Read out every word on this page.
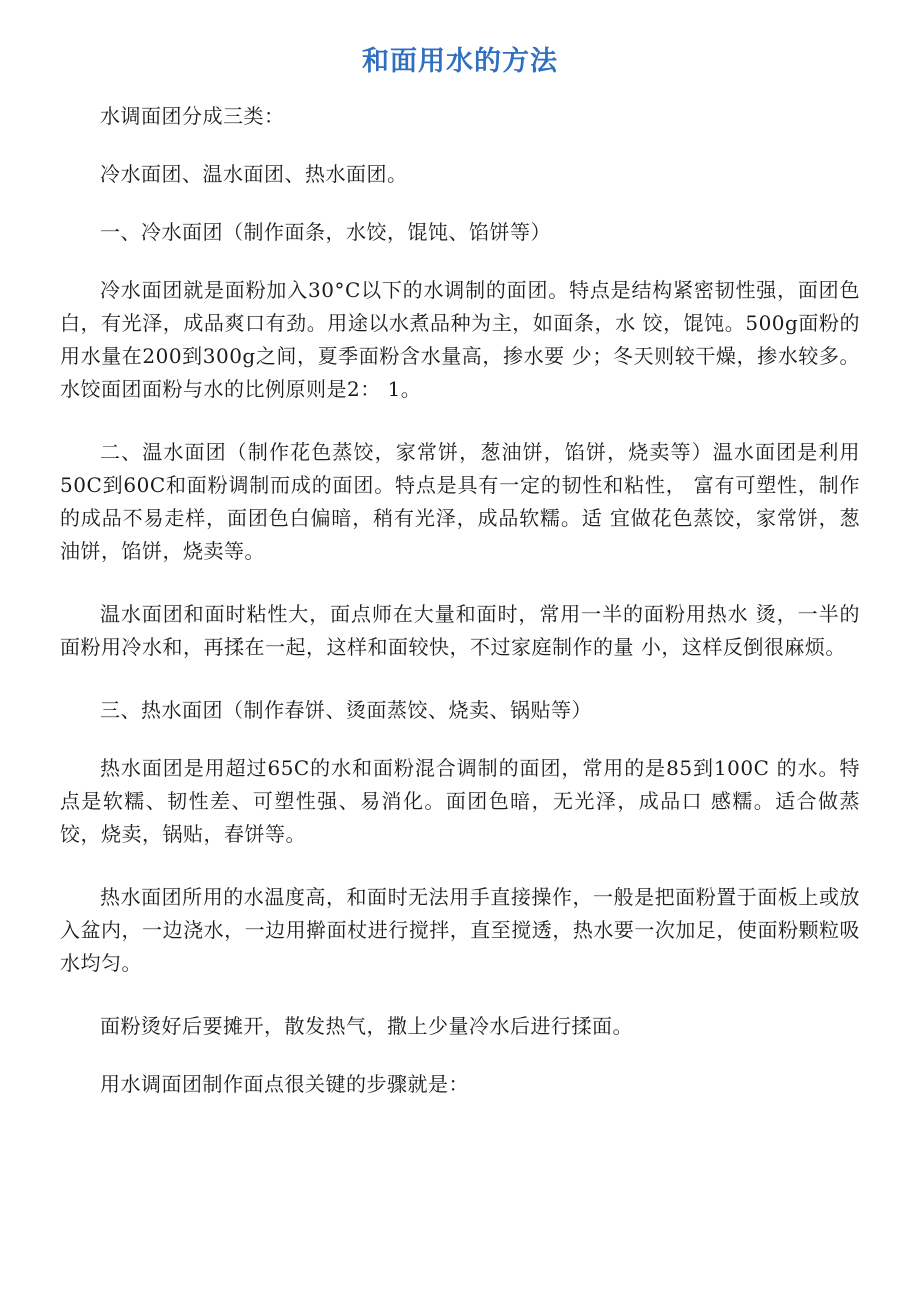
和面用水的方法

水调面团分成三类：

冷水面团、温水面团、热水面团。

一、冷水面团（制作面条，水饺，馄饨、馅饼等）

冷水面团就是面粉加入30°C以下的水调制的面团。特点是结构紧密韧性强，面团色白，有光泽，成品爽口有劲。用途以水煮品种为主，如面条，水 饺，馄饨。500g面粉的用水量在200到300g之间，夏季面粉含水量高，掺水要 少；冬天则较干燥，掺水较多。水饺面团面粉与水的比例原则是2： 1。

二、温水面团（制作花色蒸饺，家常饼，葱油饼，馅饼，烧卖等）温水面团是利用50C到60C和面粉调制而成的面团。特点是具有一定的韧性和粘性， 富有可塑性，制作的成品不易走样，面团色白偏暗，稍有光泽，成品软糯。适 宜做花色蒸饺，家常饼，葱油饼，馅饼，烧卖等。

温水面团和面时粘性大，面点师在大量和面时，常用一半的面粉用热水 烫，一半的面粉用冷水和，再揉在一起，这样和面较快，不过家庭制作的量 小，这样反倒很麻烦。

三、热水面团（制作春饼、烫面蒸饺、烧卖、锅贴等）

热水面团是用超过65C的水和面粉混合调制的面团，常用的是85到100C 的水。特点是软糯、韧性差、可塑性强、易消化。面团色暗，无光泽，成品口 感糯。适合做蒸饺，烧卖，锅贴，春饼等。

热水面团所用的水温度高，和面时无法用手直接操作，一般是把面粉置于面板上或放入盆内，一边浇水，一边用擀面杖进行搅拌，直至搅透，热水要一次加足，使面粉颗粒吸水均匀。

面粉烫好后要摊开，散发热气，撒上少量冷水后进行揉面。

用水调面团制作面点很关键的步骤就是：
